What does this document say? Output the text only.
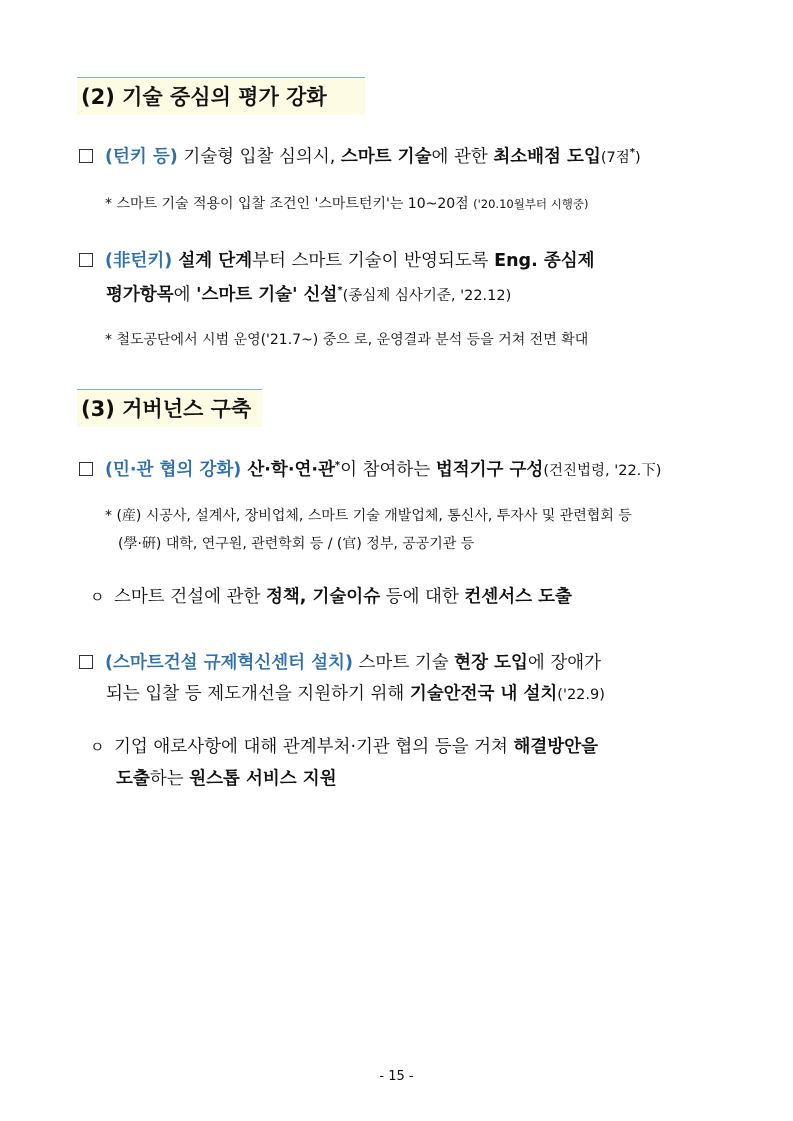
(2) 기술 중심의 평가 강화
(턴키 등) 기술형 입찰 심의시, 스마트 기술에 관한 최소배점 도입(7점*)
* 스마트 기술 적용이 입찰 조건인 '스마트턴키'는 10~20점 ('20.10월부터 시행중)
(非턴키) 설계 단계부터 스마트 기술이 반영되도록 Eng. 종심제
평가항목에 '스마트 기술' 신설*(종심제 심사기준, '22.12)
* 철도공단에서 시범 운영('21.7~) 중으 로, 운영결과 분석 등을 거쳐 전면 확대
(3) 거버넌스 구축
(민·관 협의 강화) 산·학·연·관*이 참여하는 법적기구 구성(건진법령, '22.下)
* (産) 시공사, 설계사, 장비업체, 스마트 기술 개발업체, 통신사, 투자사 및 관련협회 등
(學·硏) 대학, 연구원, 관련학회 등 / (官) 정부, 공공기관 등
ㅇ 스마트 건설에 관한 정책, 기술이슈 등에 대한 컨센서스 도출
(스마트건설 규제혁신센터 설치) 스마트 기술 현장 도입에 장애가
되는 입찰 등 제도개선을 지원하기 위해 기술안전국 내 설치('22.9)
ㅇ 기업 애로사항에 대해 관계부처·기관 협의 등을 거쳐 해결방안을
도출하는 원스톱 서비스 지원
- 15 -
